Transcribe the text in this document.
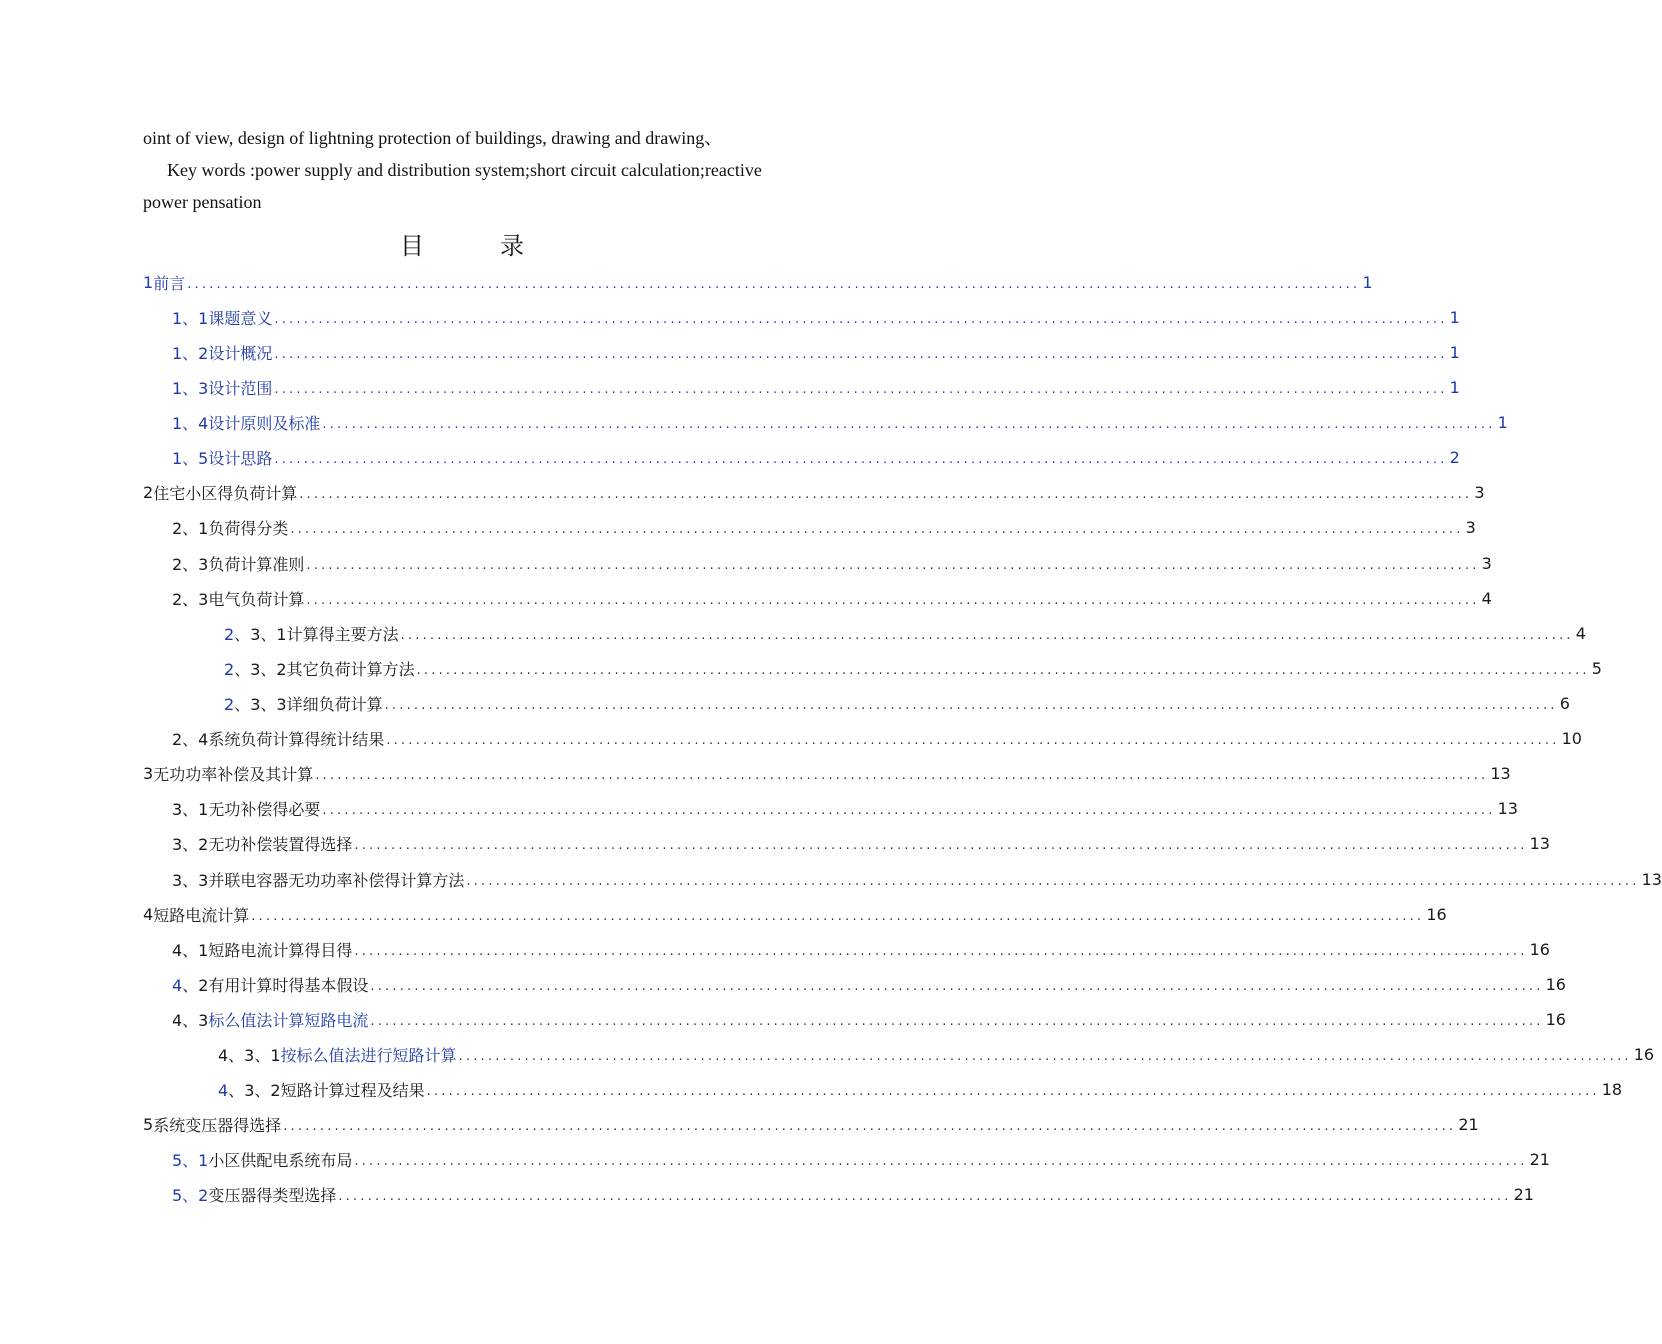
oint of view, design of lightning protection of buildings, drawing and drawing、
Key words :power supply and distribution system;short circuit calculation;reactive power pensation
目　录
1 前言 ................................................................................................................................................................ 1
1、1 课题意义 ................................................................................................................................................................ 1
1、2 设计概况 ................................................................................................................................................................ 1
1、3 设计范围 ................................................................................................................................................................ 1
1、4 设计原则及标准 ................................................................................................................................................................ 1
1、5 设计思路 ................................................................................................................................................................ 2
2 住宅小区得负荷计算 ................................................................................................................................................................ 3
2、1 负荷得分类 ................................................................................................................................................................ 3
2、3 负荷计算准则 ................................................................................................................................................................ 3
2、3 电气负荷计算 ................................................................................................................................................................ 4
2、3、1 计算得主要方法 ................................................................................................................................................................ 4
2、3、2 其它负荷计算方法 ................................................................................................................................................................ 5
2、3、3 详细负荷计算 ................................................................................................................................................................ 6
2、4 系统负荷计算得统计结果 ................................................................................................................................................................ 10
3 无功功率补偿及其计算 ................................................................................................................................................................ 13
3、1 无功补偿得必要 ................................................................................................................................................................ 13
3、2 无功补偿装置得选择 ................................................................................................................................................................ 13
3、3 并联电容器无功功率补偿得计算方法 ................................................................................................................................................................ 13
4 短路电流计算 ................................................................................................................................................................ 16
4、1 短路电流计算得目得 ................................................................................................................................................................ 16
4、2 有用计算时得基本假设 ................................................................................................................................................................ 16
4、3 标么值法计算短路电流 ................................................................................................................................................................ 16
4、3、1 按标么值法进行短路计算 ................................................................................................................................................................ 16
4、3、2 短路计算过程及结果 ................................................................................................................................................................ 18
5 系统变压器得选择 ................................................................................................................................................................ 21
5、1 小区供配电系统布局 ................................................................................................................................................................ 21
5、2 变压器得类型选择 ................................................................................................................................................................ 21
